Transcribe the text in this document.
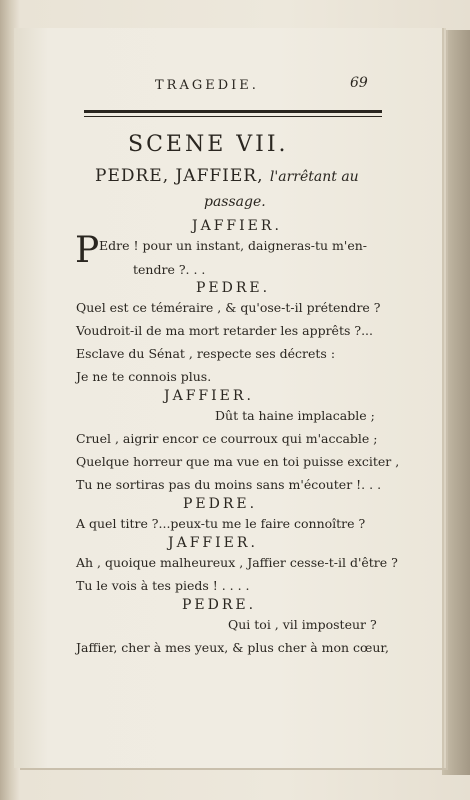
TRAGEDIE.	69
SCENE VII.
PEDRE, JAFFIER, l'arrêtant au
passage.
JAFFIER.
P Edre ! pour un instant, daigneras-tu m'en-
tendre ?. . .
PEDRE.
Quel est ce téméraire , & qu'ose-t-il prétendre ?
Voudroit-il de ma mort retarder les apprêts ?...
Esclave du Sénat , respecte ses décrets :
Je ne te connois plus.
JAFFIER.
Dût ta haine implacable ;
Cruel , aigrir encor ce courroux qui m'accable ;
Quelque horreur que ma vue en toi puisse exciter ,
Tu ne sortiras pas du moins sans m'écouter !. . .
PEDRE.
A quel titre ?...peux-tu me le faire connoître ?
JAFFIER.
Ah , quoique malheureux , Jaffier cesse-t-il d'être ?
Tu le vois à tes pieds ! . . . .
PEDRE.
Qui toi , vil imposteur ?
Jaffier, cher à mes yeux, & plus cher à mon cœur,
